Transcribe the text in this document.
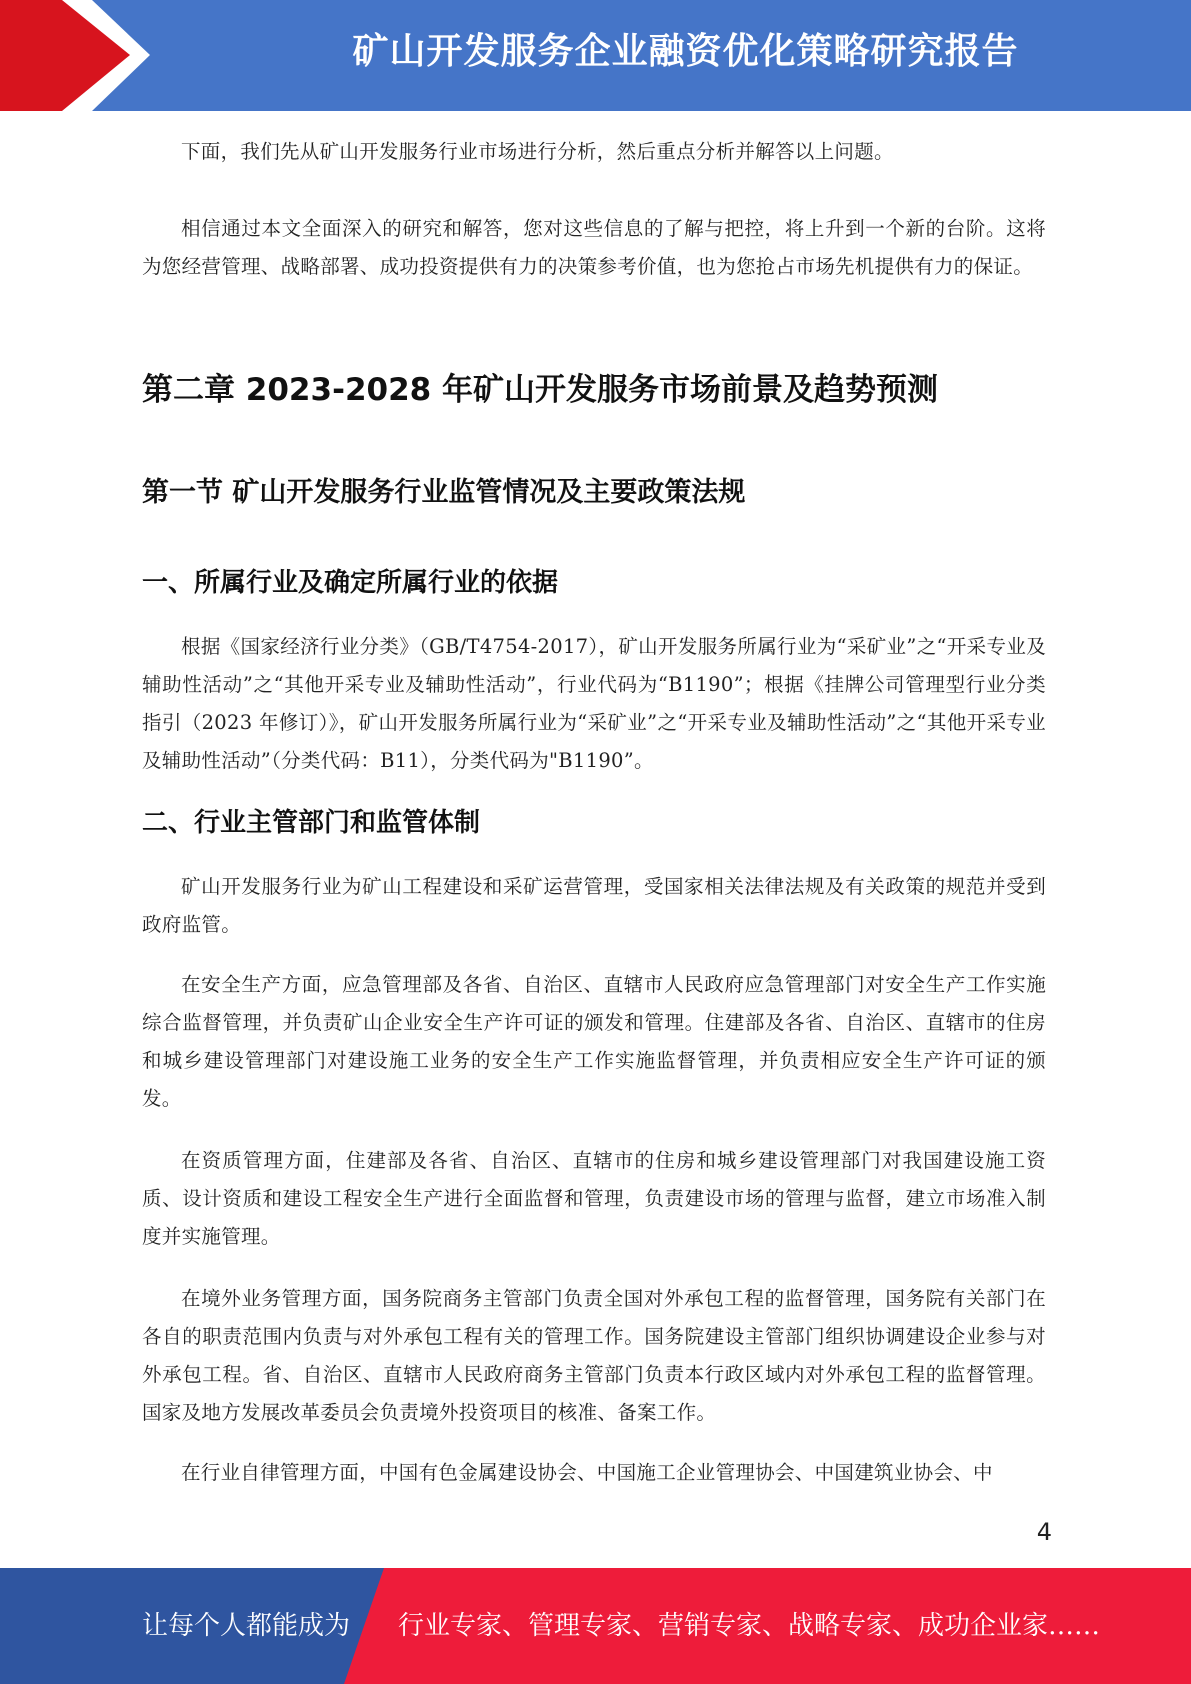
矿山开发服务企业融资优化策略研究报告

下面，我们先从矿山开发服务行业市场进行分析，然后重点分析并解答以上问题。

相信通过本文全面深入的研究和解答，您对这些信息的了解与把控，将上升到一个新的台阶。这将为您经营管理、战略部署、成功投资提供有力的决策参考价值，也为您抢占市场先机提供有力的保证。

第二章 2023-2028 年矿山开发服务市场前景及趋势预测
第一节 矿山开发服务行业监管情况及主要政策法规
一、所属行业及确定所属行业的依据

根据《国家经济行业分类》（GB/T4754-2017），矿山开发服务所属行业为“采矿业”之“开采专业及辅助性活动”之“其他开采专业及辅助性活动”，行业代码为“B1190”；根据《挂牌公司管理型行业分类指引（2023 年修订）》，矿山开发服务所属行业为“采矿业”之“开采专业及辅助性活动”之“其他开采专业及辅助性活动”（分类代码：B11），分类代码为"B1190”。

二、行业主管部门和监管体制

矿山开发服务行业为矿山工程建设和采矿运营管理，受国家相关法律法规及有关政策的规范并受到政府监管。

在安全生产方面，应急管理部及各省、自治区、直辖市人民政府应急管理部门对安全生产工作实施综合监督管理，并负责矿山企业安全生产许可证的颁发和管理。住建部及各省、自治区、直辖市的住房和城乡建设管理部门对建设施工业务的安全生产工作实施监督管理，并负责相应安全生产许可证的颁发。

在资质管理方面，住建部及各省、自治区、直辖市的住房和城乡建设管理部门对我国建设施工资质、设计资质和建设工程安全生产进行全面监督和管理，负责建设市场的管理与监督，建立市场准入制度并实施管理。

在境外业务管理方面，国务院商务主管部门负责全国对外承包工程的监督管理，国务院有关部门在各自的职责范围内负责与对外承包工程有关的管理工作。国务院建设主管部门组织协调建设企业参与对外承包工程。省、自治区、直辖市人民政府商务主管部门负责本行政区域内对外承包工程的监督管理。国家及地方发展改革委员会负责境外投资项目的核准、备案工作。

在行业自律管理方面，中国有色金属建设协会、中国施工企业管理协会、中国建筑业协会、中

4
让每个人都能成为 行业专家、管理专家、营销专家、战略专家、成功企业家……
